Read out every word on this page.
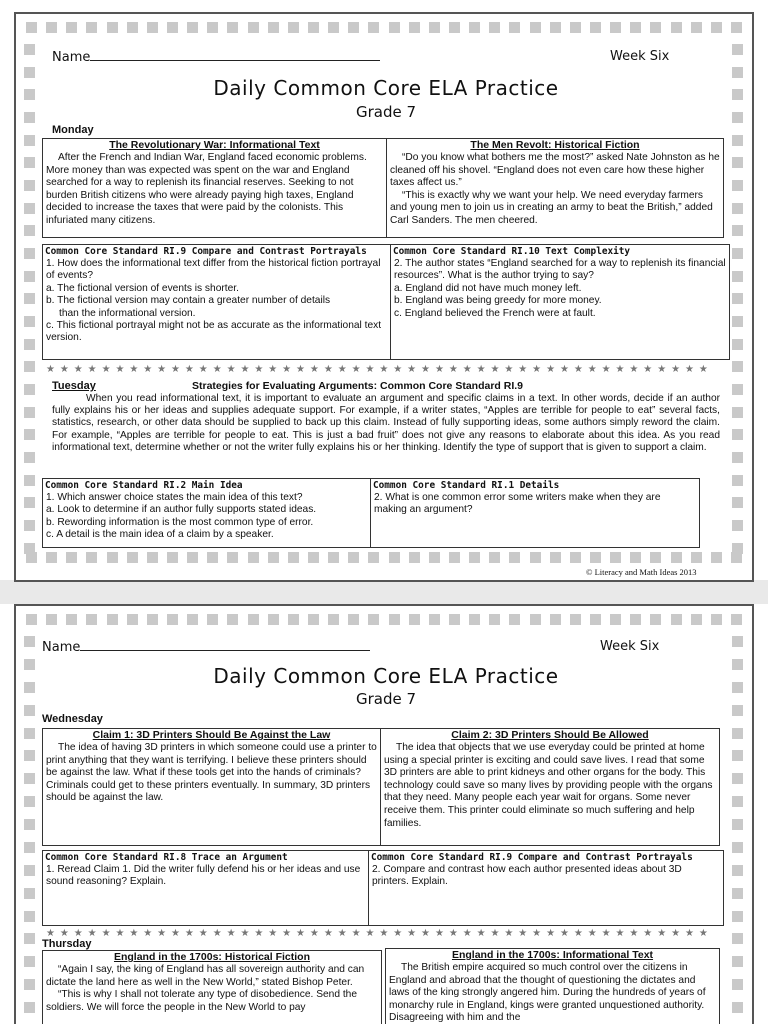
Name	Week Six
Daily Common Core ELA Practice
Grade 7
Monday
The Revolutionary War: Informational Text

After the French and Indian War, England faced economic problems. More money than was expected was spent on the war and England searched for a way to replenish its financial reserves. Seeking to not burden British citizens who were already paying high taxes, England decided to increase the taxes that were paid by the colonists. This infuriated many citizens.

The Men Revolt: Historical Fiction

“Do you know what bothers me the most?” asked Nate Johnston as he cleaned off his shovel. “England does not even care how these higher taxes affect us.”

“This is exactly why we want your help. We need everyday farmers and young men to join us in creating an army to beat the British,” added Carl Sanders. The men cheered.

Common Core Standard RI.9 Compare and Contrast Portrayals
1. How does the informational text differ from the historical fiction portrayal of events?
a. The fictional version of events is shorter.
b. The fictional version may contain a greater number of details
than the informational version.
c. This fictional portrayal might not be as accurate as the informational text version.
Common Core Standard RI.10 Text Complexity
2. The author states “England searched for a way to replenish its financial resources”. What is the author trying to say?
a. England did not have much money left.
b. England was being greedy for more money.
c. England believed the French were at fault.
★ ★ ★ ★ ★ ★ ★ ★ ★ ★ ★ ★ ★ ★ ★ ★ ★ ★ ★ ★ ★ ★ ★ ★ ★ ★ ★ ★ ★ ★ ★ ★ ★ ★ ★ ★ ★ ★ ★ ★ ★ ★ ★ ★ ★ ★ ★ ★
Tuesday	Strategies for Evaluating Arguments: Common Core Standard RI.9
When you read informational text, it is important to evaluate an argument and specific claims in a text. In other words, decide if an author fully explains his or her ideas and supplies adequate support. For example, if a writer states, “Apples are terrible for people to eat” several facts, statistics, research, or other data should be supplied to back up this claim. Instead of fully supporting ideas, some authors simply reword the claim. For example, “Apples are terrible for people to eat. This is just a bad fruit” does not give any reasons to elaborate about this idea. As you read informational text, determine whether or not the writer fully explains his or her thinking. Identify the type of support that is given to support a claim.
Common Core Standard RI.2 Main Idea
1. Which answer choice states the main idea of this text?
a. Look to determine if an author fully supports stated ideas.
b. Rewording information is the most common type of error.
c. A detail is the main idea of a claim by a speaker.
Common Core Standard RI.1 Details
2. What is one common error some writers make when they are making an argument?
© Literacy and Math Ideas 2013
Name	Week Six
Daily Common Core ELA Practice
Grade 7
Wednesday
Claim 1: 3D Printers Should Be Against the Law

The idea of having 3D printers in which someone could use a printer to print anything that they want is terrifying. I believe these printers should be against the law. What if these tools get into the hands of criminals? Criminals could get to these printers eventually. In summary, 3D printers should be against the law.

Claim 2: 3D Printers Should Be Allowed

The idea that objects that we use everyday could be printed at home using a special printer is exciting and could save lives. I read that some 3D printers are able to print kidneys and other organs for the body. This technology could save so many lives by providing people with the organs that they need. Many people each year wait for organs. Some never receive them. This printer could eliminate so much suffering and help families.

Common Core Standard RI.8 Trace an Argument
1. Reread Claim 1. Did the writer fully defend his or her ideas and use sound reasoning? Explain.
Common Core Standard RI.9 Compare and Contrast Portrayals
2. Compare and contrast how each author presented ideas about 3D printers. Explain.
★ ★ ★ ★ ★ ★ ★ ★ ★ ★ ★ ★ ★ ★ ★ ★ ★ ★ ★ ★ ★ ★ ★ ★ ★ ★ ★ ★ ★ ★ ★ ★ ★ ★ ★ ★ ★ ★ ★ ★ ★ ★ ★ ★ ★ ★ ★ ★
Thursday
England in the 1700s: Historical Fiction

“Again I say, the king of England has all sovereign authority and can dictate the land here as well in the New World,” stated Bishop Peter.

“This is why I shall not tolerate any type of disobedience. Send the soldiers. We will force the people in the New World to pay

England in the 1700s: Informational Text

The British empire acquired so much control over the citizens in England and abroad that the thought of questioning the dictates and laws of the king strongly angered him. During the hundreds of years of monarchy rule in England, kings were granted unquestioned authority. Disagreeing with him and the
